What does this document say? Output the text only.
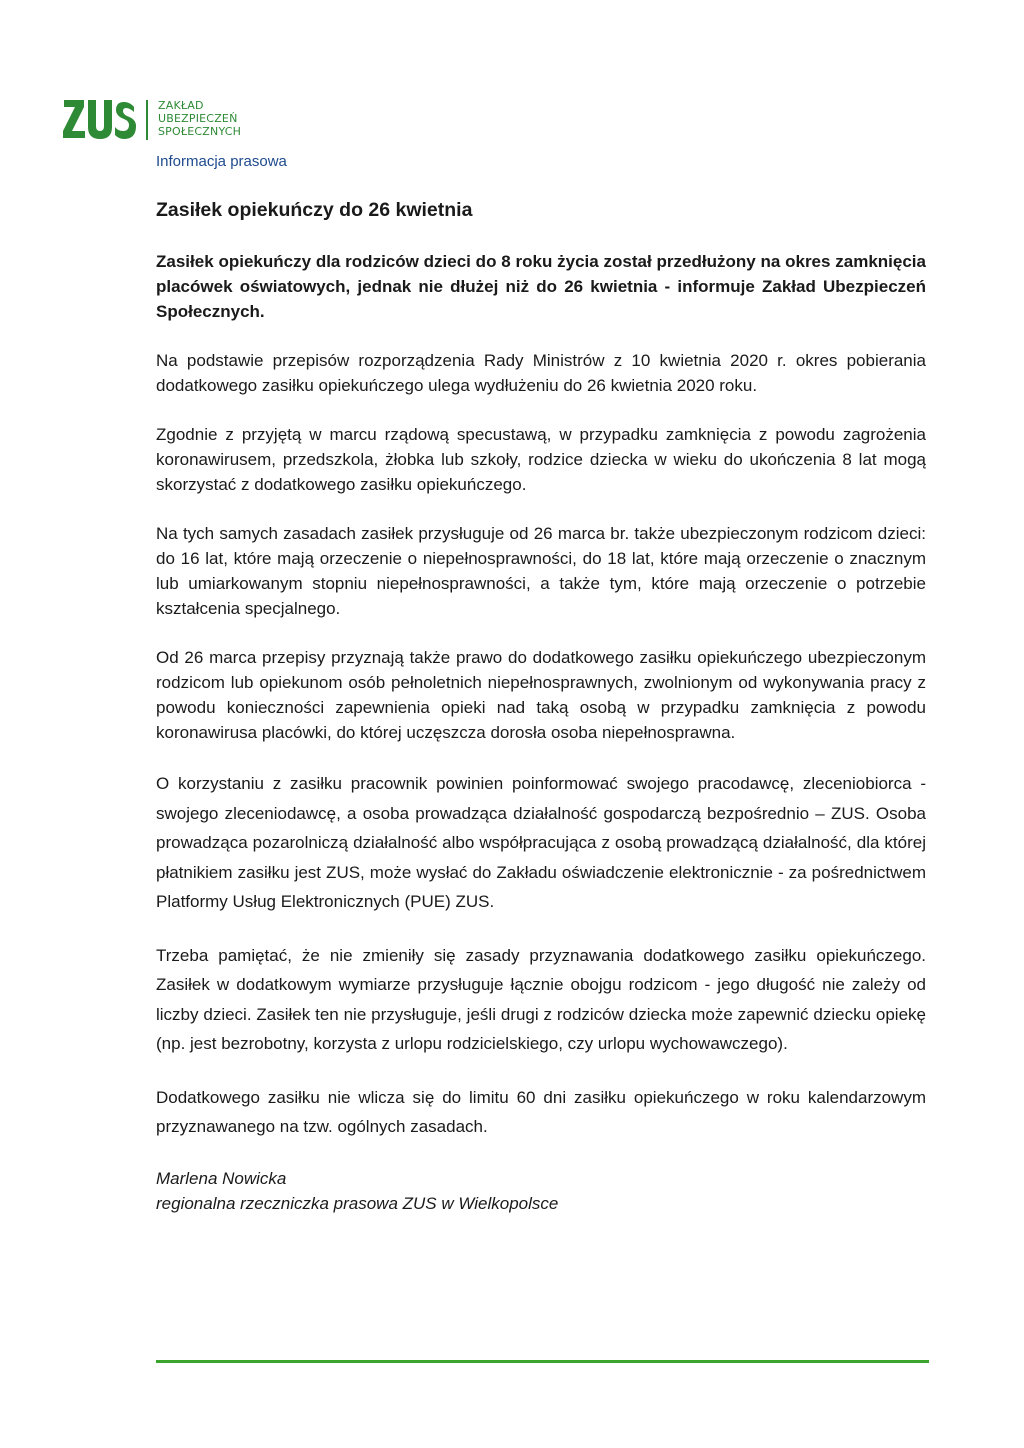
ZAKŁAD
UBEZPIECZEŃ
SPOŁECZNYCH
Informacja prasowa
Zasiłek opiekuńczy do 26 kwietnia

Zasiłek opiekuńczy dla rodziców dzieci do 8 roku życia został przedłużony na okres zamknięcia placówek oświatowych, jednak nie dłużej niż do 26 kwietnia - informuje Zakład Ubezpieczeń Społecznych.

Na podstawie przepisów rozporządzenia Rady Ministrów z 10 kwietnia 2020 r. okres pobierania dodatkowego zasiłku opiekuńczego ulega wydłużeniu do 26 kwietnia 2020 roku.

Zgodnie z przyjętą w marcu rządową specustawą, w przypadku zamknięcia z powodu zagrożenia koronawirusem, przedszkola, żłobka lub szkoły, rodzice dziecka w wieku do ukończenia 8 lat mogą skorzystać z dodatkowego zasiłku opiekuńczego.

Na tych samych zasadach zasiłek przysługuje od 26 marca br. także ubezpieczonym rodzicom dzieci: do 16 lat, które mają orzeczenie o niepełnosprawności, do 18 lat, które mają orzeczenie o znacznym lub umiarkowanym stopniu niepełnosprawności, a także tym, które mają orzeczenie o potrzebie kształcenia specjalnego.

Od 26 marca przepisy przyznają także prawo do dodatkowego zasiłku opiekuńczego ubezpieczonym rodzicom lub opiekunom osób pełnoletnich niepełnosprawnych, zwolnionym od wykonywania pracy z powodu konieczności zapewnienia opieki nad taką osobą w przypadku zamknięcia z powodu koronawirusa placówki, do której uczęszcza dorosła osoba niepełnosprawna.

O korzystaniu z zasiłku pracownik powinien poinformować swojego pracodawcę, zleceniobiorca - swojego zleceniodawcę, a osoba prowadząca działalność gospodarczą bezpośrednio – ZUS. Osoba prowadząca pozarolniczą działalność albo współpracująca z osobą prowadzącą działalność, dla której płatnikiem zasiłku jest ZUS, może wysłać do Zakładu oświadczenie elektronicznie - za pośrednictwem Platformy Usług Elektronicznych (PUE) ZUS.

Trzeba pamiętać, że nie zmieniły się zasady przyznawania dodatkowego zasiłku opiekuńczego. Zasiłek w dodatkowym wymiarze przysługuje łącznie obojgu rodzicom - jego długość nie zależy od liczby dzieci. Zasiłek ten nie przysługuje, jeśli drugi z rodziców dziecka może zapewnić dziecku opiekę (np. jest bezrobotny, korzysta z urlopu rodzicielskiego, czy urlopu wychowawczego).

Dodatkowego zasiłku nie wlicza się do limitu 60 dni zasiłku opiekuńczego w roku kalendarzowym przyznawanego na tzw. ogólnych zasadach.

Marlena Nowicka
regionalna rzeczniczka prasowa ZUS w Wielkopolsce
